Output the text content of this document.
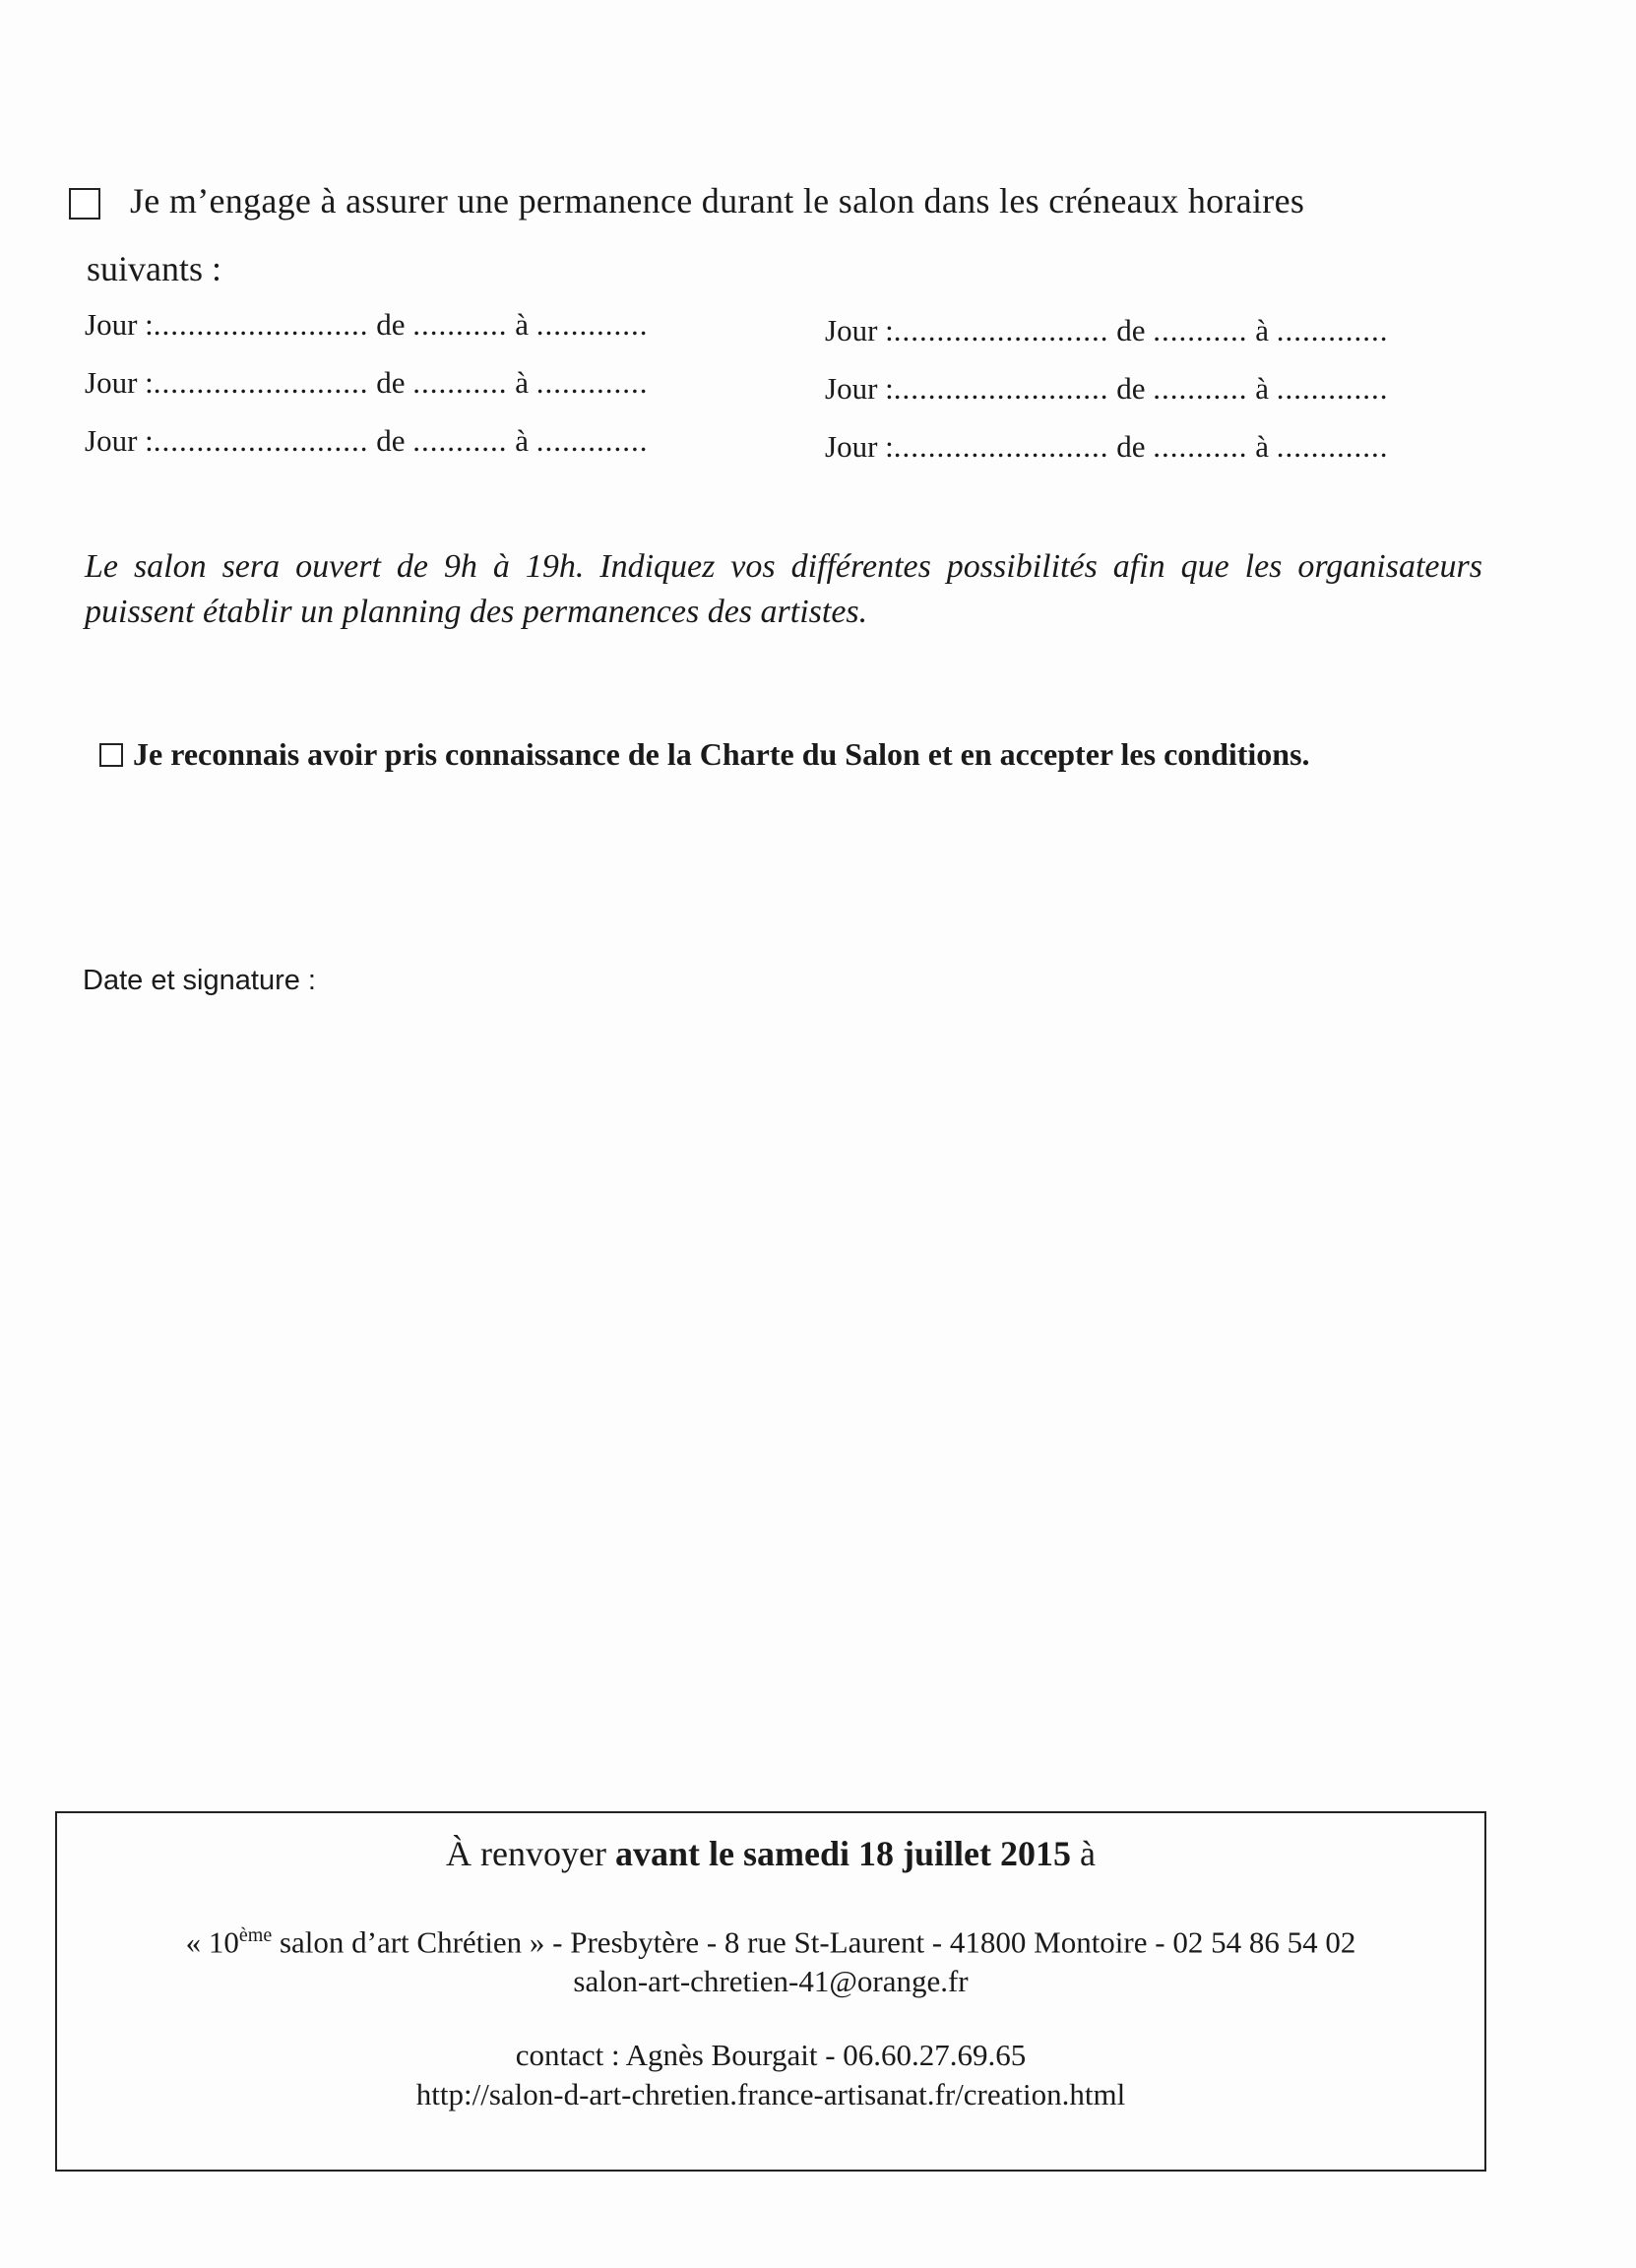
Je m’engage à assurer une permanence durant le salon dans les créneaux horaires
suivants :
Jour :......................... de ........... à .............
Jour :......................... de ........... à .............
Jour :......................... de ........... à .............
Jour :......................... de ........... à .............
Jour :......................... de ........... à .............
Jour :......................... de ........... à .............
Le salon sera ouvert de 9h à 19h. Indiquez vos différentes possibilités afin que les organisateurs puissent établir un planning des permanences des artistes.
Je reconnais avoir pris connaissance de la Charte du Salon et en accepter les conditions.
Date et signature :
À renvoyer avant le samedi 18 juillet 2015 à
« 10ème salon d’art Chrétien » - Presbytère - 8 rue St-Laurent - 41800 Montoire - 02 54 86 54 02
salon-art-chretien-41@orange.fr
contact : Agnès Bourgait - 06.60.27.69.65
http://salon-d-art-chretien.france-artisanat.fr/creation.html
